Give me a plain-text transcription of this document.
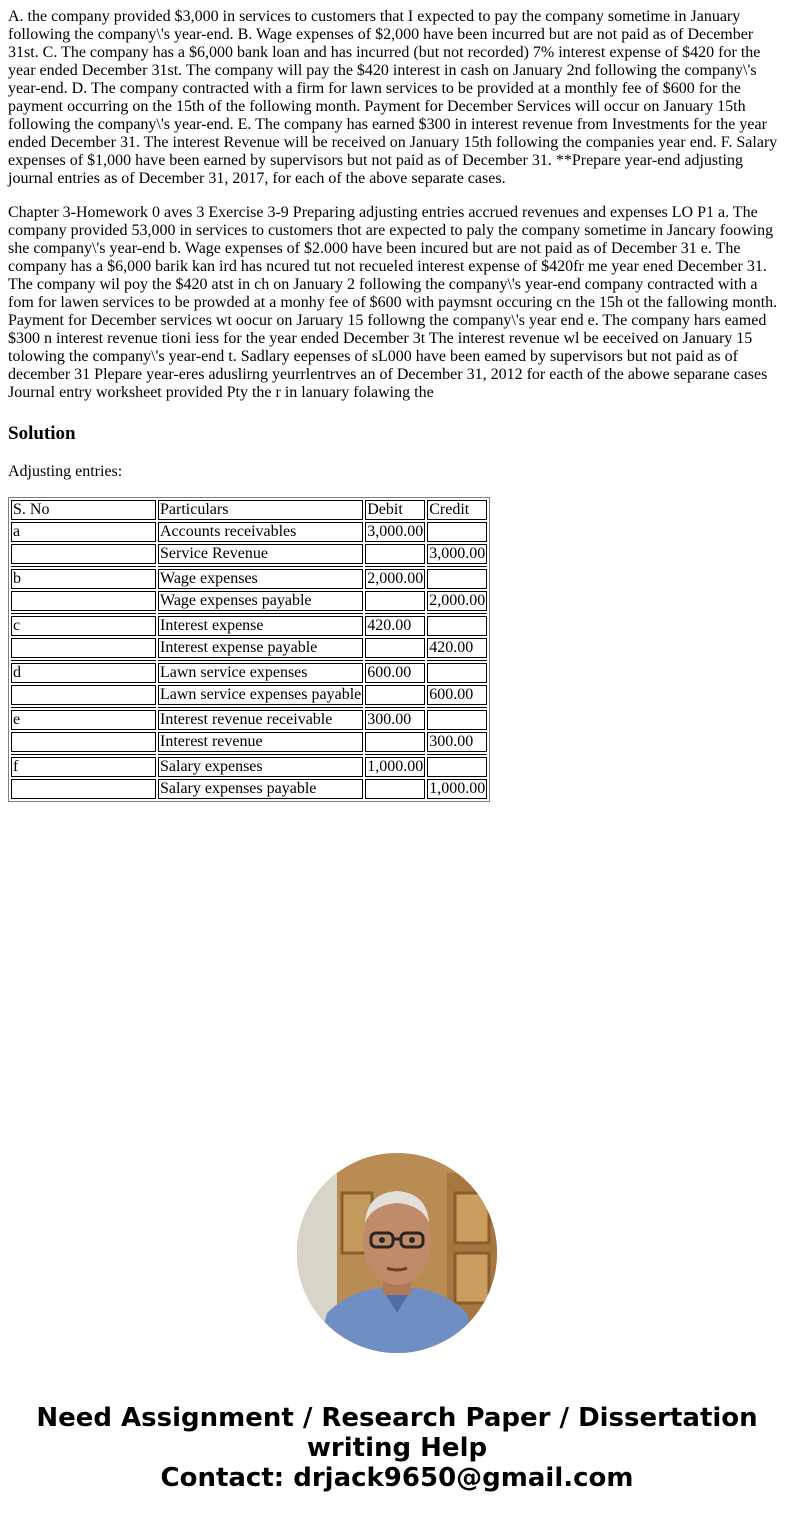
A. the company provided $3,000 in services to customers that I expected to pay the company sometime in January following the company\'s year-end. B. Wage expenses of $2,000 have been incurred but are not paid as of December 31st. C. The company has a $6,000 bank loan and has incurred (but not recorded) 7% interest expense of $420 for the year ended December 31st. The company will pay the $420 interest in cash on January 2nd following the company\'s year-end. D. The company contracted with a firm for lawn services to be provided at a monthly fee of $600 for the payment occurring on the 15th of the following month. Payment for December Services will occur on January 15th following the company\'s year-end. E. The company has earned $300 in interest revenue from Investments for the year ended December 31. The interest Revenue will be received on January 15th following the companies year end. F. Salary expenses of $1,000 have been earned by supervisors but not paid as of December 31. **Prepare year-end adjusting journal entries as of December 31, 2017, for each of the above separate cases.

Chapter 3-Homework 0 aves 3 Exercise 3-9 Preparing adjusting entries accrued revenues and expenses LO P1 a. The company provided 53,000 in services to customers thot are expected to paly the company sometime in Jancary foowing she company\'s year-end b. Wage expenses of $2.000 have been incured but are not paid as of December 31 e. The company has a $6,000 barik kan ird has ncured tut not recueled interest expense of $420fr me year ened December 31. The company wil poy the $420 atst in ch on January 2 following the company\'s year-end company contracted with a fom for lawen services to be prowded at a monhy fee of $600 with paymsnt occuring cn the 15h ot the fallowing month. Payment for December services wt oocur on Jaruary 15 followng the company\'s year end e. The company hars eamed $300 n interest revenue tioni iess for the year ended December 3t The interest revenue wl be eeceived on January 15 tolowing the company\'s year-end t. Sadlary eepenses of sL000 have been eamed by supervisors but not paid as of december 31 Plepare year-eres aduslirng yeurrlentrves an of December 31, 2012 for eacth of the abowe separane cases Journal entry worksheet provided Pty the r in lanuary folawing the

Solution

Adjusting entries:

S. No	Particulars	Debit	Credit
a	Accounts receivables	3,000.00	
	Service Revenue		3,000.00

b	Wage expenses	2,000.00	
	Wage expenses payable		2,000.00

c	Interest expense	420.00	
	Interest expense payable		420.00

d	Lawn service expenses	600.00	
	Lawn service expenses payable		600.00

e	Interest revenue receivable	300.00	
	Interest revenue		300.00

f	Salary expenses	1,000.00	
	Salary expenses payable		1,000.00
Need Assignment / Research Paper / Dissertation
writing Help
Contact: drjack9650@gmail.com
